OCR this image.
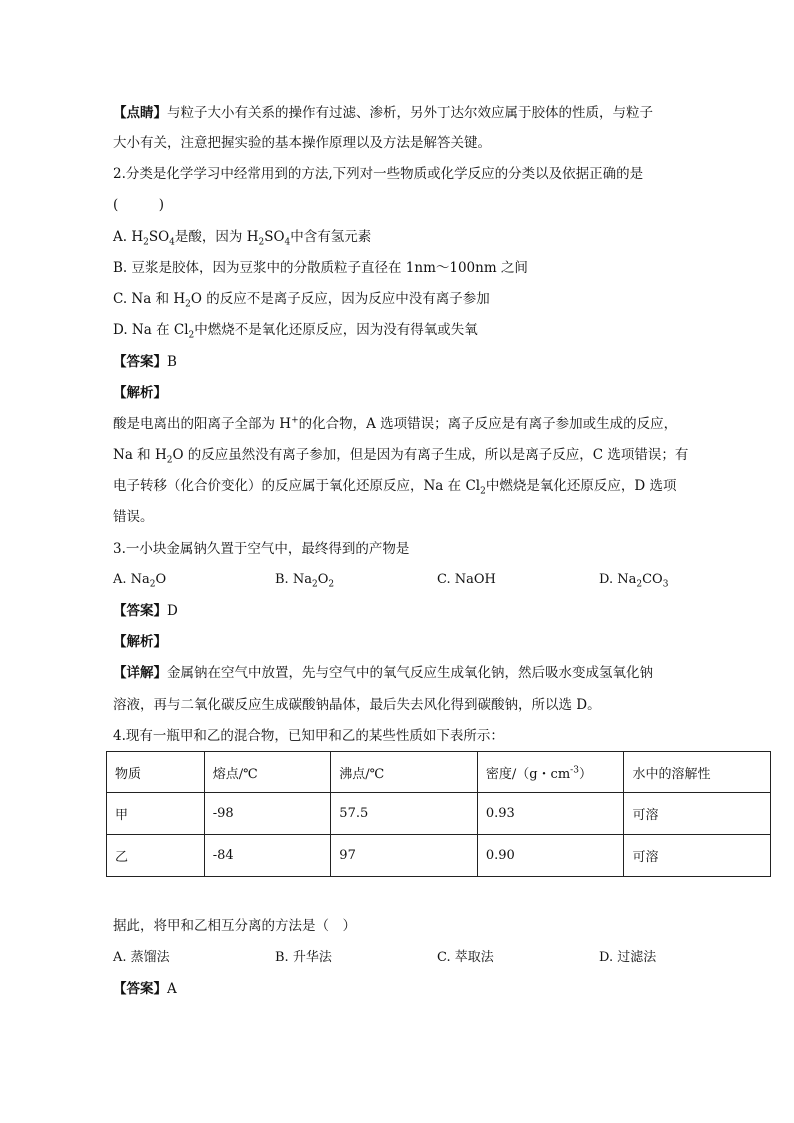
【点睛】与粒子大小有关系的操作有过滤、渗析，另外丁达尔效应属于胶体的性质，与粒子
大小有关，注意把握实验的基本操作原理以及方法是解答关键。
2.分类是化学学习中经常用到的方法,下列对一些物质或化学反应的分类以及依据正确的是
(　　　)
A. $H_2SO_4$是酸，因为 $H_2SO_4$中含有氢元素
B. 豆浆是胶体，因为豆浆中的分散质粒子直径在 1nm～100nm 之间
C. Na 和 $H_2O$ 的反应不是离子反应，因为反应中没有离子参加
D. Na 在 $Cl_2$中燃烧不是氧化还原反应，因为没有得氧或失氧
【答案】B
【解析】
酸是电离出的阳离子全部为 H+的化合物，A 选项错误；离子反应是有离子参加或生成的反应，
Na 和 $H_2O$ 的反应虽然没有离子参加，但是因为有离子生成，所以是离子反应，C 选项错误；有
电子转移（化合价变化）的反应属于氧化还原反应，Na 在 $Cl_2$中燃烧是氧化还原反应，D 选项
错误。
3.一小块金属钠久置于空气中，最终得到的产物是
A. $Na_2O$	B. $Na_2O_2$	C. NaOH	D. $Na_2CO_3$
【答案】D
【解析】
【详解】金属钠在空气中放置，先与空气中的氧气反应生成氧化钠，然后吸水变成氢氧化钠
溶液，再与二氧化碳反应生成碳酸钠晶体，最后失去风化得到碳酸钠，所以选 D。
4.现有一瓶甲和乙的混合物，已知甲和乙的某些性质如下表所示：
物质	熔点/℃	沸点/℃	密度/（g・$cm^{-3}$）	水中的溶解性
甲	-98	57.5	0.93	可溶
乙	-84	97	0.90	可溶
据此，将甲和乙相互分离的方法是（　）
A. 蒸馏法	B. 升华法	C. 萃取法	D. 过滤法
【答案】A
